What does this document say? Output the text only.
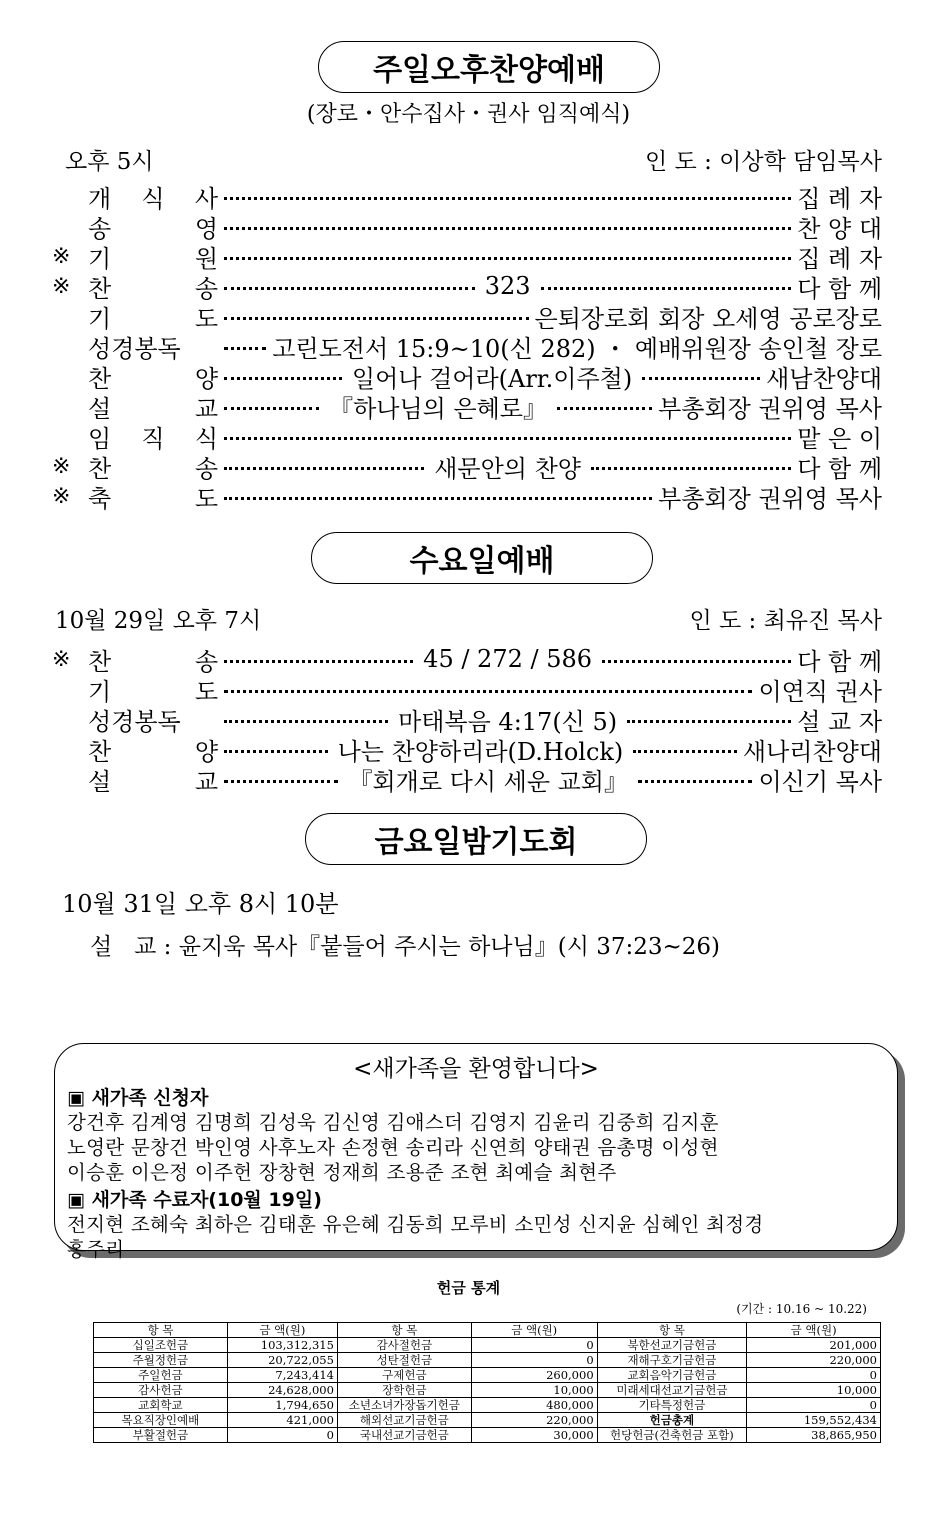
주일오후찬양예배
(장로・안수집사・권사 임직예식)
오후 5시	인 도 : 이상학 담임목사
개 식 사	집 례 자
송	영	찬 양 대
※ 기	원	집 례 자
※ 찬	송	323	다 함 께
기	도	은퇴장로회 회장 오세영 공로장로
성경봉독	고린도전서 15:9~10(신 282) ・ 예배위원장 송인철 장로
찬	양	일어나 걸어라(Arr.이주철)	새남찬양대
설	교	『하나님의 은혜로』	부총회장 권위영 목사
임 직 식	맡 은 이
※ 찬	송	새문안의 찬양	다 함 께
※ 축	도	부총회장 권위영 목사
수요일예배
10월 29일 오후 7시	인 도 : 최유진 목사
※ 찬	송	45 / 272 / 586	다 함 께
기	도	이연직 권사
성경봉독	마태복음 4:17(신 5)	설 교 자
찬	양	나는 찬양하리라(D.Holck)	새나리찬양대
설	교	『회개로 다시 세운 교회』	이신기 목사
금요일밤기도회
10월 31일 오후 8시 10분
설   교 : 윤지욱 목사『붙들어 주시는 하나님』(시 37:23~26)
<새가족을 환영합니다>
▣ 새가족 신청자
강건후 김계영 김명희 김성욱 김신영 김애스더 김영지 김윤리 김중희 김지훈
노영란 문창건 박인영 사후노자 손정현 송리라 신연희 양태권 음총명 이성현
이승훈 이은정 이주헌 장창현 정재희 조용준 조현 최예슬 최현주
▣ 새가족 수료자(10월 19일)
전지현 조혜숙 최하은 김태훈 유은혜 김동희 모루비 소민성 신지윤 심혜인 최정경
홍주리
헌금 통계
(기간 : 10.16 ~ 10.22)
항 목	금 액(원)	항 목	금 액(원)	항 목	금 액(원)
십일조헌금	103,312,315	감사절헌금	0	북한선교기금헌금	201,000
주월정헌금	20,722,055	성탄절헌금	0	재해구호기금헌금	220,000
주일헌금	7,243,414	구제헌금	260,000	교회음악기금헌금	0
감사헌금	24,628,000	장학헌금	10,000	미래세대선교기금헌금	10,000
교회학교	1,794,650	소년소녀가장돕기헌금	480,000	기타특정헌금	0
목요직장인예배	421,000	해외선교기금헌금	220,000	헌금총계	159,552,434
부활절헌금	0	국내선교기금헌금	30,000	헌당헌금(건축헌금 포함)	38,865,950
